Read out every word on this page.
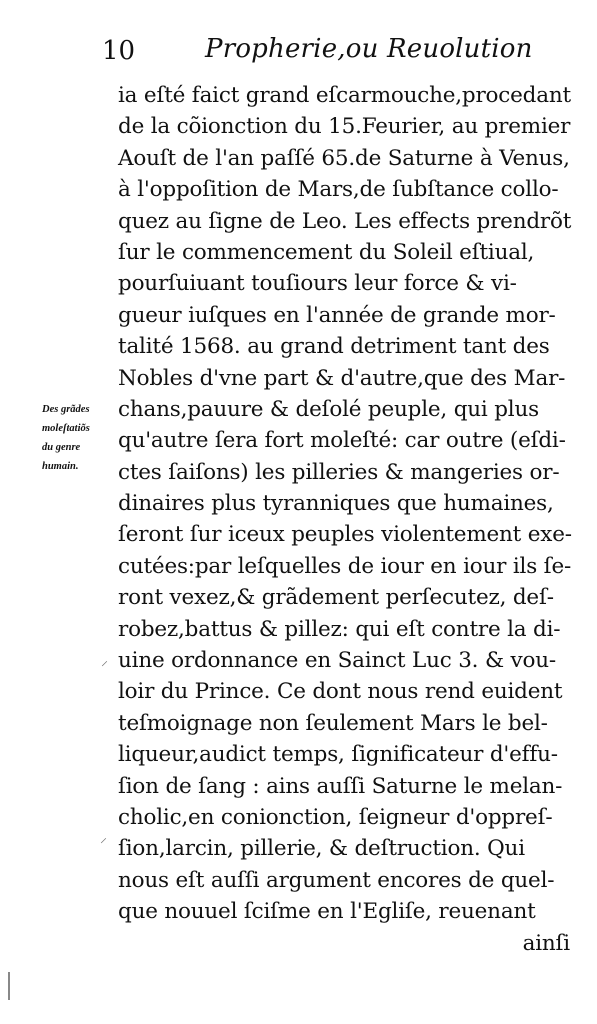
10	Propherie,ou Reuolution
Des grãdes
moleſtatiõs
du genre
humain.
ia eſté faict grand eſcarmouche,procedant
de la cõionction du 15.Feurier, au premier
Aouſt de l'an paſſé 65.de Saturne à Venus,
à l'oppoſition de Mars,de ſubſtance collo-
quez au ſigne de Leo. Les effects prendrõt
ſur le commencement du Soleil eſtiual,
pourſuiuant touſiours leur force & vi-
gueur iuſques en l'année de grande mor-
talité 1568. au grand detriment tant des
Nobles d'vne part & d'autre,que des Mar-
chans,pauure & deſolé peuple, qui plus
qu'autre ſera fort moleſté: car outre (eſdi-
ctes ſaiſons) les pilleries & mangeries or-
dinaires plus tyranniques que humaines,
ſeront ſur iceux peuples violentement exe-
cutées:par leſquelles de iour en iour ils ſe-
ront vexez,& grãdement perſecutez, deſ-
robez,battus & pillez: qui eſt contre la di-
uine ordonnance en Sainct Luc 3. & vou-
loir du Prince. Ce dont nous rend euident
teſmoignage non ſeulement Mars le bel-
liqueur,audict temps, ſignificateur d'effu-
ſion de ſang : ains auſſi Saturne le melan-
cholic,en conionction, ſeigneur d'oppreſ-
ſion,larcin, pillerie, & deſtruction. Qui
nous eſt auſſi argument encores de quel-
que nouuel ſciſme en l'Egliſe, reuenant
ainſi
⸍
⸍
